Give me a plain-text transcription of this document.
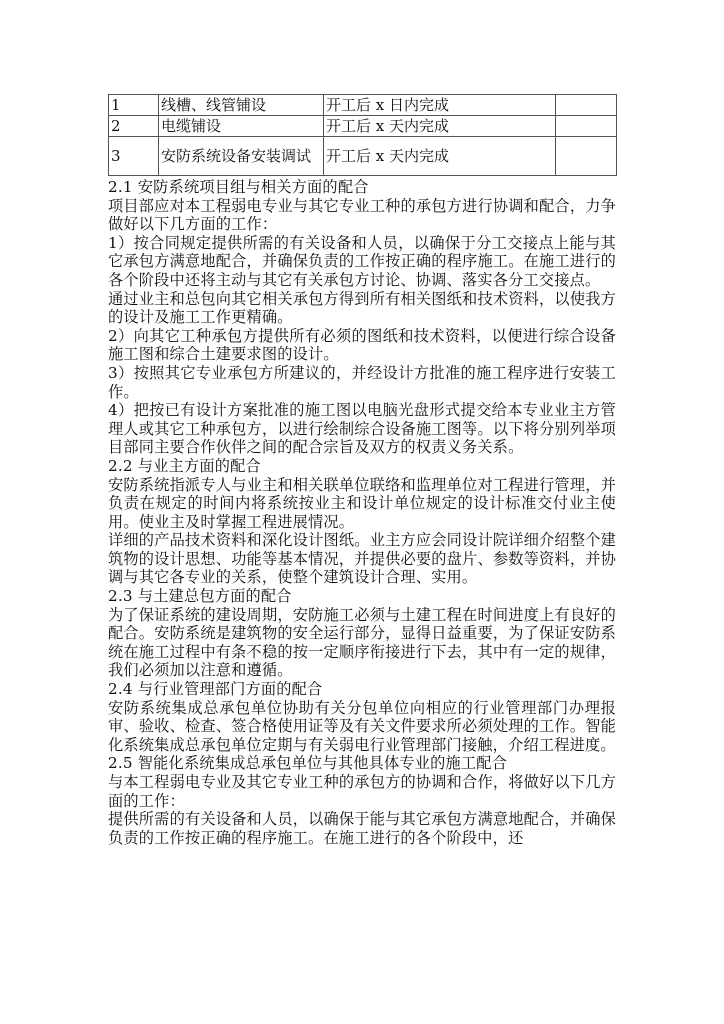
1	线槽、线管铺设	开工后 x 日内完成	
2	电缆铺设	开工后 x 天内完成	
3	安防系统设备安装调试	开工后 x 天内完成	

2.1 安防系统项目组与相关方面的配合

项目部应对本工程弱电专业与其它专业工种的承包方进行协调和配合，力争做好以下几方面的工作：

1）按合同规定提供所需的有关设备和人员，以确保于分工交接点上能与其它承包方满意地配合，并确保负责的工作按正确的程序施工。在施工进行的各个阶段中还将主动与其它有关承包方讨论、协调、落实各分工交接点。

通过业主和总包向其它相关承包方得到所有相关图纸和技术资料，以使我方的设计及施工工作更精确。

2）向其它工种承包方提供所有必须的图纸和技术资料，以便进行综合设备施工图和综合土建要求图的设计。

3）按照其它专业承包方所建议的，并经设计方批准的施工程序进行安装工作。

4）把按已有设计方案批准的施工图以电脑光盘形式提交给本专业业主方管理人或其它工种承包方，以进行绘制综合设备施工图等。以下将分别列举项目部同主要合作伙伴之间的配合宗旨及双方的权责义务关系。

2.2 与业主方面的配合

安防系统指派专人与业主和相关联单位联络和监理单位对工程进行管理，并负责在规定的时间内将系统按业主和设计单位规定的设计标准交付业主使用。使业主及时掌握工程进展情况。

详细的产品技术资料和深化设计图纸。业主方应会同设计院详细介绍整个建筑物的设计思想、功能等基本情况，并提供必要的盘片、参数等资料，并协调与其它各专业的关系，使整个建筑设计合理、实用。

2.3 与土建总包方面的配合

为了保证系统的建设周期，安防施工必须与土建工程在时间进度上有良好的配合。安防系统是建筑物的安全运行部分，显得日益重要，为了保证安防系统在施工过程中有条不稳的按一定顺序衔接进行下去，其中有一定的规律，我们必须加以注意和遵循。

2.4 与行业管理部门方面的配合

安防系统集成总承包单位协助有关分包单位向相应的行业管理部门办理报审、验收、检查、签合格使用证等及有关文件要求所必须处理的工作。智能化系统集成总承包单位定期与有关弱电行业管理部门接触，介绍工程进度。

2.5 智能化系统集成总承包单位与其他具体专业的施工配合

与本工程弱电专业及其它专业工种的承包方的协调和合作，将做好以下几方面的工作：

提供所需的有关设备和人员，以确保于能与其它承包方满意地配合，并确保负责的工作按正确的程序施工。在施工进行的各个阶段中，还
